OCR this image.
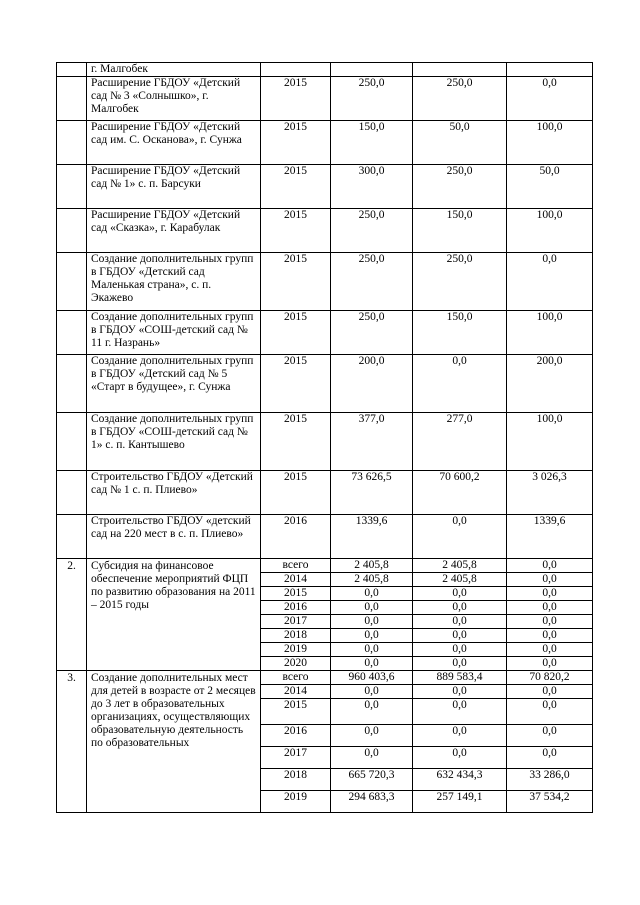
	г. Малгобек				
	Расширение ГБДОУ «Детский сад № 3 «Солнышко», г. Малгобек	2015	250,0	250,0	0,0
	Расширение ГБДОУ «Детский сад им. С. Осканова», г. Сунжа	2015	150,0	50,0	100,0
	Расширение ГБДОУ «Детский сад № 1» с. п. Барсуки	2015	300,0	250,0	50,0
	Расширение ГБДОУ «Детский сад «Сказка», г. Карабулак	2015	250,0	150,0	100,0
	Создание дополнительных групп в ГБДОУ «Детский сад Маленькая страна», с. п. Экажево	2015	250,0	250,0	0,0
	Создание дополнительных групп в ГБДОУ «СОШ-детский сад № 11 г. Назрань»	2015	250,0	150,0	100,0
	Создание дополнительных групп в ГБДОУ «Детский сад № 5 «Старт в будущее», г. Сунжа	2015	200,0	0,0	200,0
	Создание дополнительных групп в ГБДОУ «СОШ-детский сад № 1» с. п. Кантышево	2015	377,0	277,0	100,0
	Строительство ГБДОУ «Детский сад № 1 с. п. Плиево»	2015	73 626,5	70 600,2	3 026,3
	Строительство ГБДОУ «детский сад на 220 мест в с. п. Плиево»	2016	1339,6	0,0	1339,6
2.	Субсидия на финансовое обеспечение мероприятий ФЦП по развитию образования на 2011 – 2015 годы	всего	2 405,8	2 405,8	0,0
		2014	2 405,8	2 405,8	0,0
		2015	0,0	0,0	0,0
		2016	0,0	0,0	0,0
		2017	0,0	0,0	0,0
		2018	0,0	0,0	0,0
		2019	0,0	0,0	0,0
		2020	0,0	0,0	0,0
3.	Создание дополнительных мест для детей в возрасте от 2 месяцев до 3 лет в образовательных организациях, осуществляющих образовательную деятельность по образовательных	всего	960 403,6	889 583,4	70 820,2
		2014	0,0	0,0	0,0
		2015	0,0	0,0	0,0
		2016	0,0	0,0	0,0
		2017	0,0	0,0	0,0
		2018	665 720,3	632 434,3	33 286,0
		2019	294 683,3	257 149,1	37 534,2
